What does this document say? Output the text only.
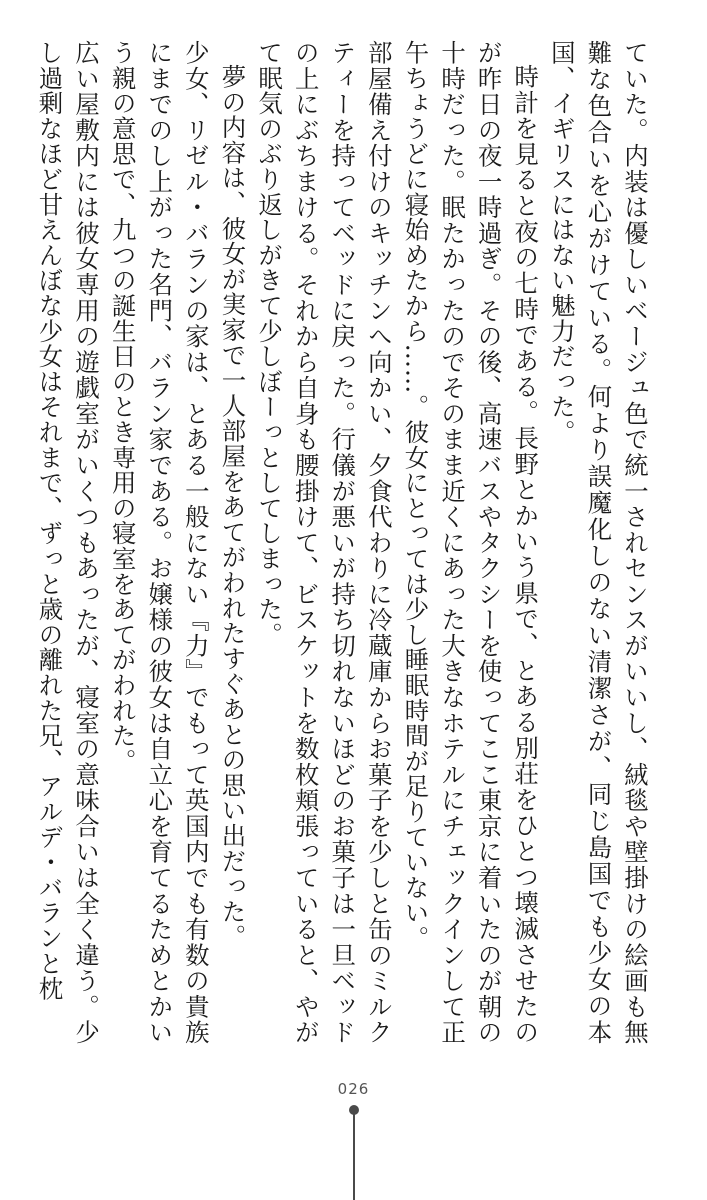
ていた。内装は優しいベージュ色で統一されセンスがいいし、絨毯や壁掛けの絵画も無難な色合いを心がけている。何より誤魔化しのない清潔さが、同じ島国でも少女の本国、イギリスにはない魅力だった。

時計を見ると夜の七時である。長野とかいう県で、とある別荘をひとつ壊滅させたのが昨日の夜一時過ぎ。その後、高速バスやタクシーを使ってここ東京に着いたのが朝の十時だった。眠たかったのでそのまま近くにあった大きなホテルにチェックインして正午ちょうどに寝始めたから……。彼女にとっては少し睡眠時間が足りていない。

部屋備え付けのキッチンへ向かい、夕食代わりに冷蔵庫からお菓子を少しと缶のミルクティーを持ってベッドに戻った。行儀が悪いが持ち切れないほどのお菓子は一旦ベッドの上にぶちまける。それから自身も腰掛けて、ビスケットを数枚頬張っていると、やがて眠気のぶり返しがきて少しぼーっとしてしまった。

夢の内容は、彼女が実家で一人部屋をあてがわれたすぐあとの思い出だった。

少女、リゼル・バランの家は、とある一般にない『力』でもって英国内でも有数の貴族にまでのし上がった名門、バラン家である。お嬢様の彼女は自立心を育てるためとかいう親の意思で、九つの誕生日のとき専用の寝室をあてがわれた。

広い屋敷内には彼女専用の遊戯室がいくつもあったが、寝室の意味合いは全く違う。少し過剰なほど甘えんぼな少女はそれまで、ずっと歳の離れた兄、アルデ・バランと枕

026
